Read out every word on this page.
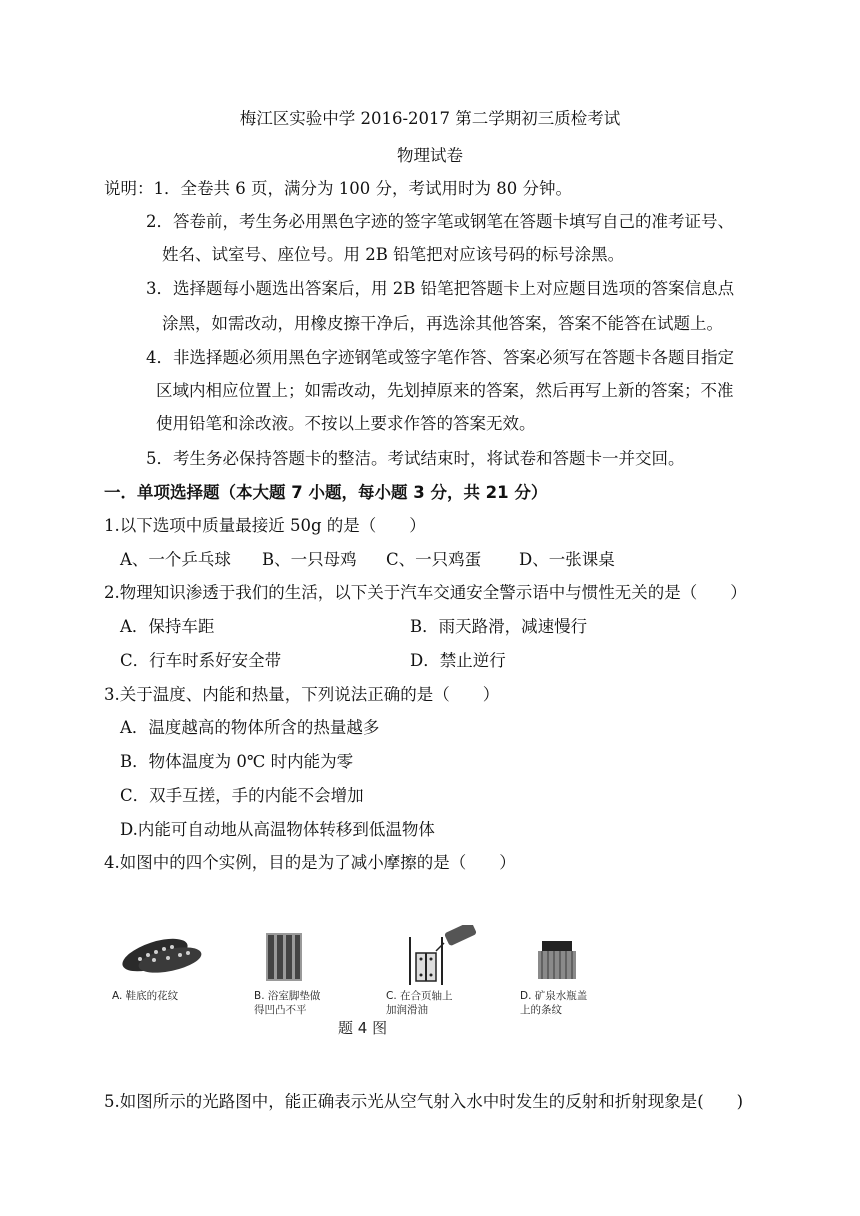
梅江区实验中学 2016-2017 第二学期初三质检考试
物理试卷
说明：1．全卷共 6 页，满分为 100 分，考试用时为 80 分钟。
2．答卷前，考生务必用黑色字迹的签字笔或钢笔在答题卡填写自己的准考证号、
姓名、试室号、座位号。用 2B 铅笔把对应该号码的标号涂黑。
3．选择题每小题选出答案后，用 2B 铅笔把答题卡上对应题目选项的答案信息点
涂黑，如需改动，用橡皮擦干净后，再选涂其他答案，答案不能答在试题上。
4．非选择题必须用黑色字迹钢笔或签字笔作答、答案必须写在答题卡各题目指定
区域内相应位置上；如需改动，先划掉原来的答案，然后再写上新的答案；不准
使用铅笔和涂改液。不按以上要求作答的答案无效。
5．考生务必保持答题卡的整洁。考试结束时，将试卷和答题卡一并交回。
一．单项选择题（本大题 7 小题，每小题 3 分，共 21 分）
1.以下选项中质量最接近 50g 的是（　　）
A、一个乒乓球 B、一只母鸡 C、一只鸡蛋 D、一张课桌
2.物理知识渗透于我们的生活，以下关于汽车交通安全警示语中与惯性无关的是（　　）
A．保持车距	B．雨天路滑，减速慢行
C．行车时系好安全带	D．禁止逆行
3.关于温度、内能和热量，下列说法正确的是（　　）
A．温度越高的物体所含的热量越多
B．物体温度为 0℃ 时内能为零
C．双手互搓，手的内能不会增加
D.内能可自动地从高温物体转移到低温物体
4.如图中的四个实例，目的是为了减小摩擦的是（　　）
A. 鞋底的花纹	B. 浴室脚垫做
得凹凸不平
C. 在合页轴上
加润滑油
D. 矿泉水瓶盖
上的条纹
题 4 图
5.如图所示的光路图中，能正确表示光从空气射入水中时发生的反射和折射现象是(　　)
